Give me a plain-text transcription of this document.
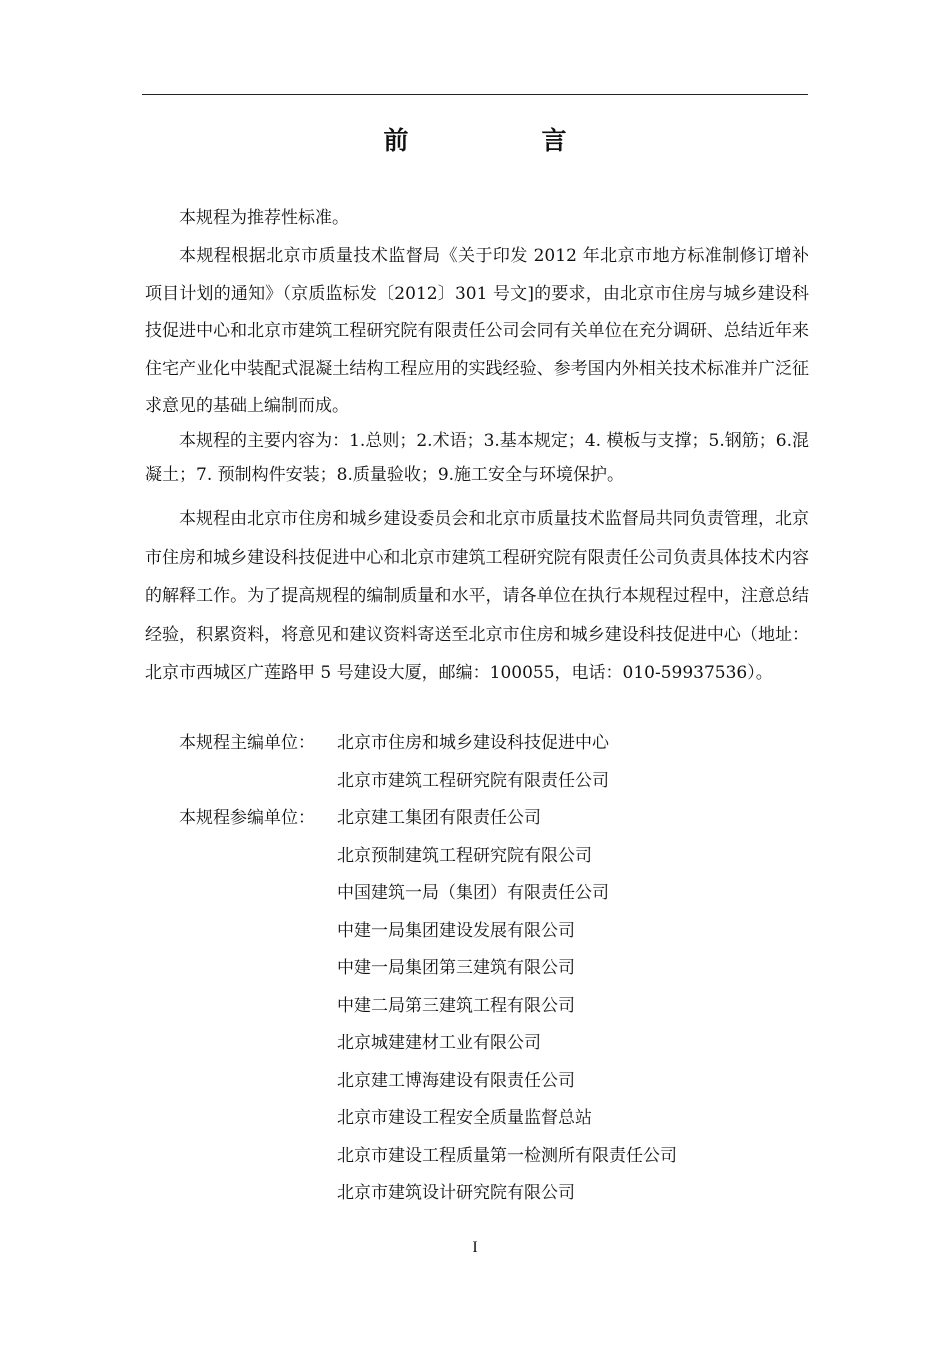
前　言
本规程为推荐性标准。
本规程根据北京市质量技术监督局《关于印发 2012 年北京市地方标准制修订增补项目计划的通知》（京质监标发〔2012〕301 号文]的要求，由北京市住房与城乡建设科技促进中心和北京市建筑工程研究院有限责任公司会同有关单位在充分调研、总结近年来住宅产业化中装配式混凝土结构工程应用的实践经验、参考国内外相关技术标准并广泛征求意见的基础上编制而成。
本规程的主要内容为：1.总则；2.术语；3.基本规定；4. 模板与支撑；5.钢筋；6.混凝土；7. 预制构件安装；8.质量验收；9.施工安全与环境保护。
本规程由北京市住房和城乡建设委员会和北京市质量技术监督局共同负责管理，北京市住房和城乡建设科技促进中心和北京市建筑工程研究院有限责任公司负责具体技术内容的解释工作。为了提高规程的编制质量和水平，请各单位在执行本规程过程中，注意总结经验，积累资料，将意见和建议资料寄送至北京市住房和城乡建设科技促进中心（地址：北京市西城区广莲路甲 5 号建设大厦，邮编：100055，电话：010-59937536）。
本规程主编单位：	北京市住房和城乡建设科技促进中心
北京市建筑工程研究院有限责任公司
本规程参编单位：	北京建工集团有限责任公司
北京预制建筑工程研究院有限公司
中国建筑一局（集团）有限责任公司
中建一局集团建设发展有限公司
中建一局集团第三建筑有限公司
中建二局第三建筑工程有限公司
北京城建建材工业有限公司
北京建工博海建设有限责任公司
北京市建设工程安全质量监督总站
北京市建设工程质量第一检测所有限责任公司
北京市建筑设计研究院有限公司
I
